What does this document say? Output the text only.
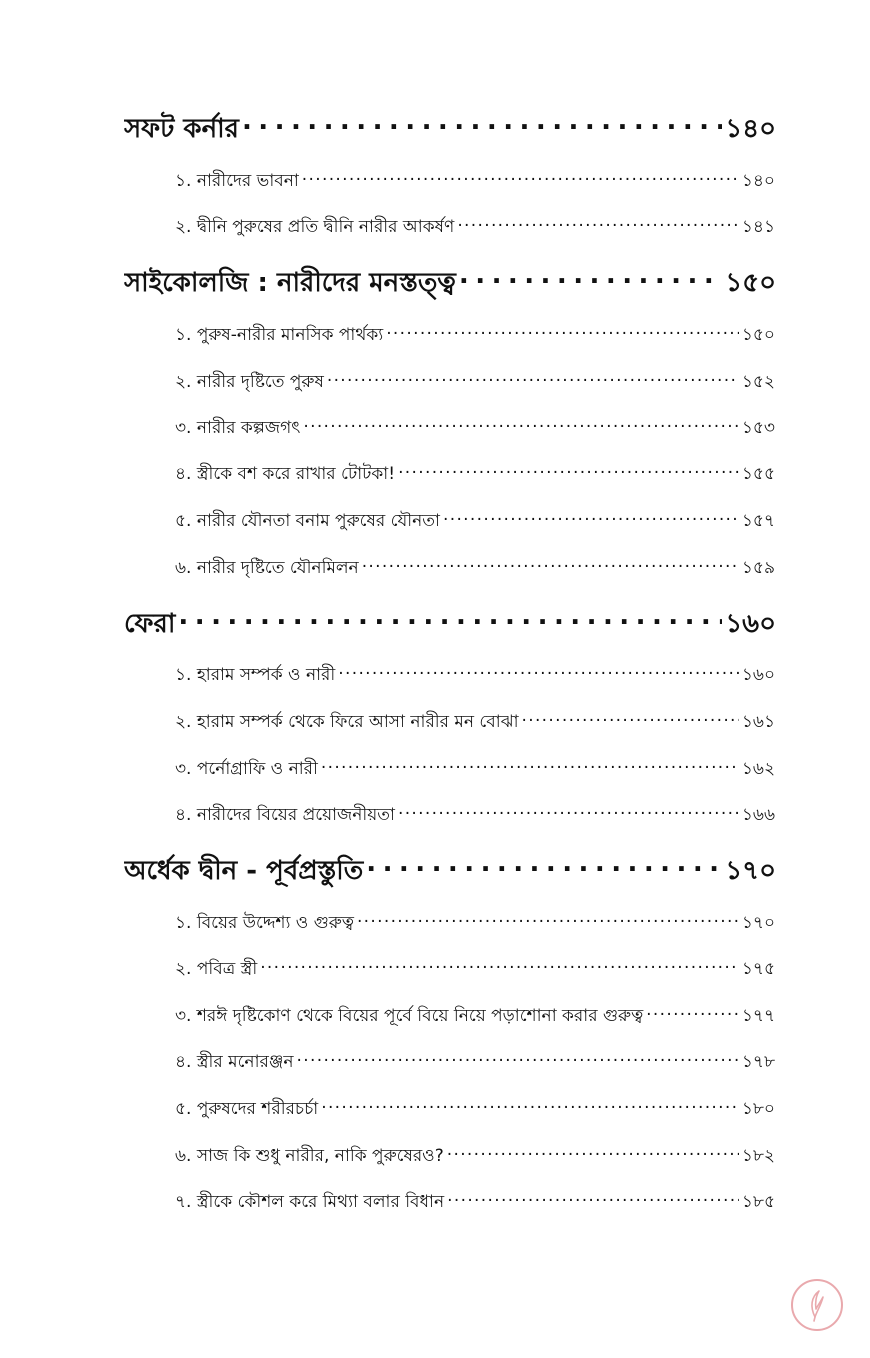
সফট কর্নার . . .	১৪০
১. নারীদের ভাবনা . . .	১৪০
২. দ্বীনি পুরুষের প্রতি দ্বীনি নারীর আকর্ষণ . . .	১৪১
সাইকোলজি : নারীদের মনস্তত্ত্ব . . .	১৫০
১. পুরুষ-নারীর মানসিক পার্থক্য . . .	১৫০
২. নারীর দৃষ্টিতে পুরুষ . . .	১৫২
৩. নারীর কল্পজগৎ . . .	১৫৩
৪. স্ত্রীকে বশ করে রাখার টোটকা! . . .	১৫৫
৫. নারীর যৌনতা বনাম পুরুষের যৌনতা . . .	১৫৭
৬. নারীর দৃষ্টিতে যৌনমিলন . . .	১৫৯
ফেরা . . .	১৬০
১. হারাম সম্পর্ক ও নারী . . .	১৬০
২. হারাম সম্পর্ক থেকে ফিরে আসা নারীর মন বোঝা . . .	১৬১
৩. পর্নোগ্রাফি ও নারী . . .	১৬২
৪. নারীদের বিয়ের প্রয়োজনীয়তা . . .	১৬৬
অর্ধেক দ্বীন - পূর্বপ্রস্তুতি . . .	১৭০
১. বিয়ের উদ্দেশ্য ও গুরুত্ব . . .	১৭০
২. পবিত্র স্ত্রী . . .	১৭৫
৩. শরঈ দৃষ্টিকোণ থেকে বিয়ের পূর্বে বিয়ে নিয়ে পড়াশোনা করার গুরুত্ব . . .	১৭৭
৪. স্ত্রীর মনোরঞ্জন . . .	১৭৮
৫. পুরুষদের শরীরচর্চা . . .	১৮০
৬. সাজ কি শুধু নারীর, নাকি পুরুষেরও? . . .	১৮২
৭. স্ত্রীকে কৌশল করে মিথ্যা বলার বিধান . . .	১৮৫
